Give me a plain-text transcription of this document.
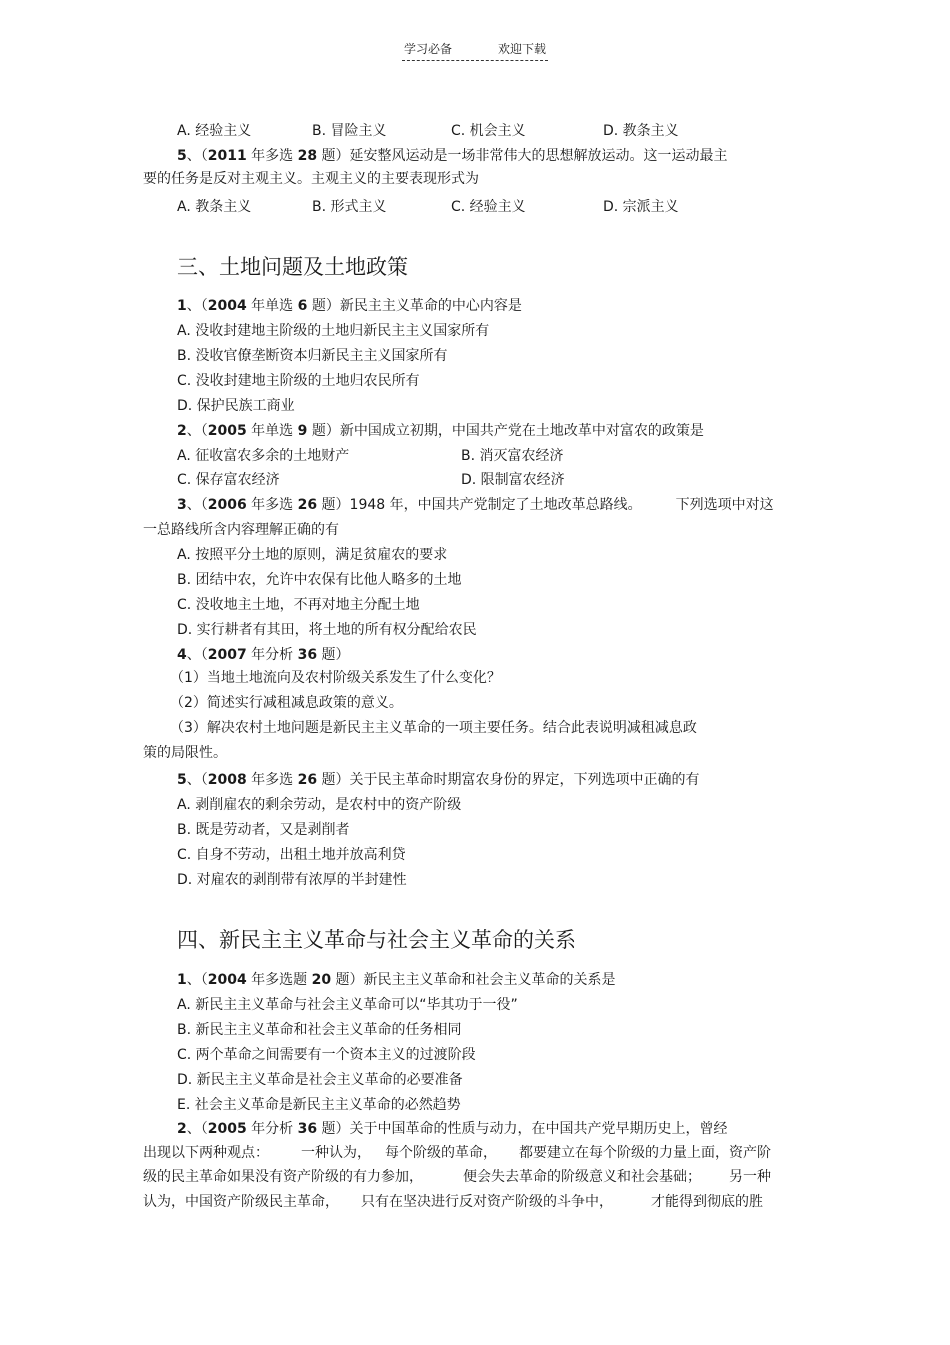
学习必备	欢迎下载
A. 经验主义	B. 冒险主义	C. 机会主义	D. 教条主义
5、（2011 年多选 28 题）延安整风运动是一场非常伟大的思想解放运动。这一运动最主
要的任务是反对主观主义。主观主义的主要表现形式为
A. 教条主义	B. 形式主义	C. 经验主义	D. 宗派主义
三、土地问题及土地政策
1、（2004 年单选 6 题）新民主主义革命的中心内容是
A. 没收封建地主阶级的土地归新民主主义国家所有
B. 没收官僚垄断资本归新民主主义国家所有
C. 没收封建地主阶级的土地归农民所有
D. 保护民族工商业
2、（2005 年单选 9 题）新中国成立初期，中国共产党在土地改革中对富农的政策是
A. 征收富农多余的土地财产	B. 消灭富农经济
C. 保存富农经济	D. 限制富农经济
3、（2006 年多选 26 题）1948 年，中国共产党制定了土地改革总路线。 下列选项中对这
一总路线所含内容理解正确的有
A. 按照平分土地的原则，满足贫雇农的要求
B. 团结中农，允许中农保有比他人略多的土地
C. 没收地主土地，不再对地主分配土地
D. 实行耕者有其田，将土地的所有权分配给农民
4、（2007 年分析 36 题）
（1）当地土地流向及农村阶级关系发生了什么变化？
（2）简述实行减租减息政策的意义。
（3）解决农村土地问题是新民主主义革命的一项主要任务。结合此表说明减租减息政
策的局限性。
5、（2008 年多选 26 题）关于民主革命时期富农身份的界定，下列选项中正确的有
A. 剥削雇农的剩余劳动，是农村中的资产阶级
B. 既是劳动者，又是剥削者
C. 自身不劳动，出租土地并放高利贷
D. 对雇农的剥削带有浓厚的半封建性
四、新民主主义革命与社会主义革命的关系
1、（2004 年多选题 20 题）新民主主义革命和社会主义革命的关系是
A. 新民主主义革命与社会主义革命可以“毕其功于一役”
B. 新民主主义革命和社会主义革命的任务相同
C. 两个革命之间需要有一个资本主义的过渡阶段
D. 新民主主义革命是社会主义革命的必要准备
E. 社会主义革命是新民主主义革命的必然趋势
2、（2005 年分析 36 题）关于中国革命的性质与动力，在中国共产党早期历史上，曾经
出现以下两种观点： 一种认为， 每个阶级的革命， 都要建立在每个阶级的力量上面，资产阶
级的民主革命如果没有资产阶级的有力参加，	便会失去革命的阶级意义和社会基础； 另一种
认为，中国资产阶级民主革命， 只有在坚决进行反对资产阶级的斗争中，	才能得到彻底的胜
